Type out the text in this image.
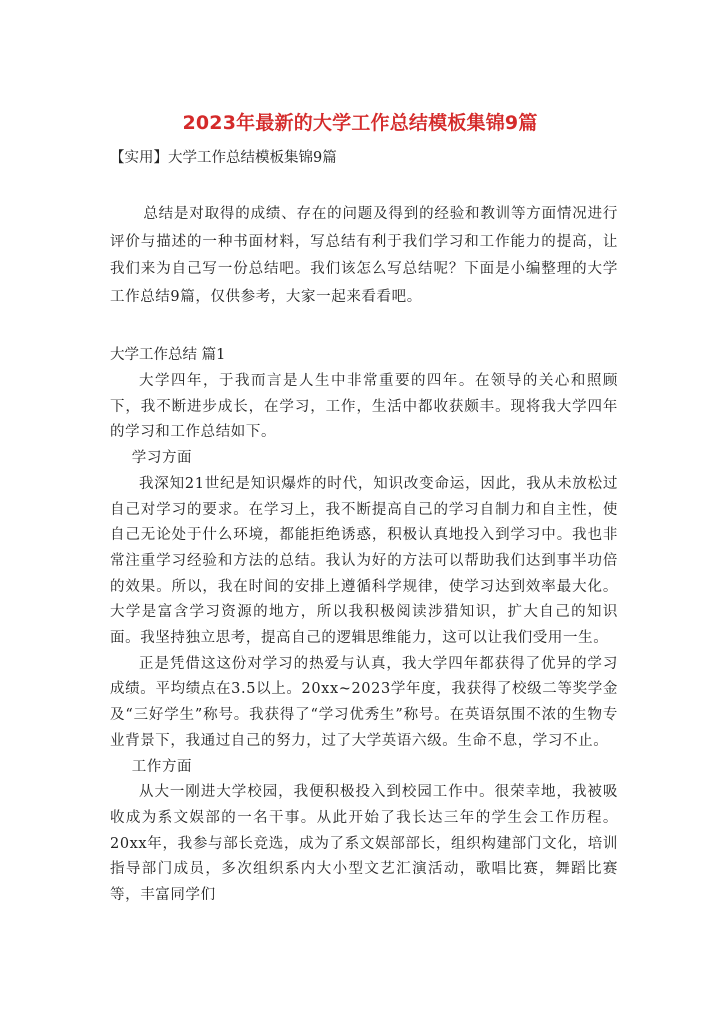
2023年最新的大学工作总结模板集锦9篇
【实用】大学工作总结模板集锦9篇

总结是对取得的成绩、存在的问题及得到的经验和教训等方面情况进行评价与描述的一种书面材料，写总结有利于我们学习和工作能力的提高，让我们来为自己写一份总结吧。我们该怎么写总结呢？下面是小编整理的大学工作总结9篇，仅供参考，大家一起来看看吧。

大学工作总结 篇1

大学四年，于我而言是人生中非常重要的四年。在领导的关心和照顾下，我不断进步成长，在学习，工作，生活中都收获颇丰。现将我大学四年的学习和工作总结如下。

学习方面

我深知21世纪是知识爆炸的时代，知识改变命运，因此，我从未放松过自己对学习的要求。在学习上，我不断提高自己的学习自制力和自主性，使自己无论处于什么环境，都能拒绝诱惑，积极认真地投入到学习中。我也非常注重学习经验和方法的总结。我认为好的方法可以帮助我们达到事半功倍的效果。所以，我在时间的安排上遵循科学规律，使学习达到效率最大化。大学是富含学习资源的地方，所以我积极阅读涉猎知识，扩大自己的知识面。我坚持独立思考，提高自己的逻辑思维能力，这可以让我们受用一生。

正是凭借这这份对学习的热爱与认真，我大学四年都获得了优异的学习成绩。平均绩点在3.5以上。20xx~2023学年度，我获得了校级二等奖学金 及“三好学生”称号。我获得了“学习优秀生”称号。在英语氛围不浓的生物专业背景下，我通过自己的努力，过了大学英语六级。生命不息，学习不止。

工作方面

从大一刚进大学校园，我便积极投入到校园工作中。很荣幸地，我被吸收成为系文娱部的一名干事。从此开始了我长达三年的学生会工作历程。20xx年，我参与部长竞选，成为了系文娱部部长，组织构建部门文化，培训指导部门成员，多次组织系内大小型文艺汇演活动，歌唱比赛，舞蹈比赛等，丰富同学们
